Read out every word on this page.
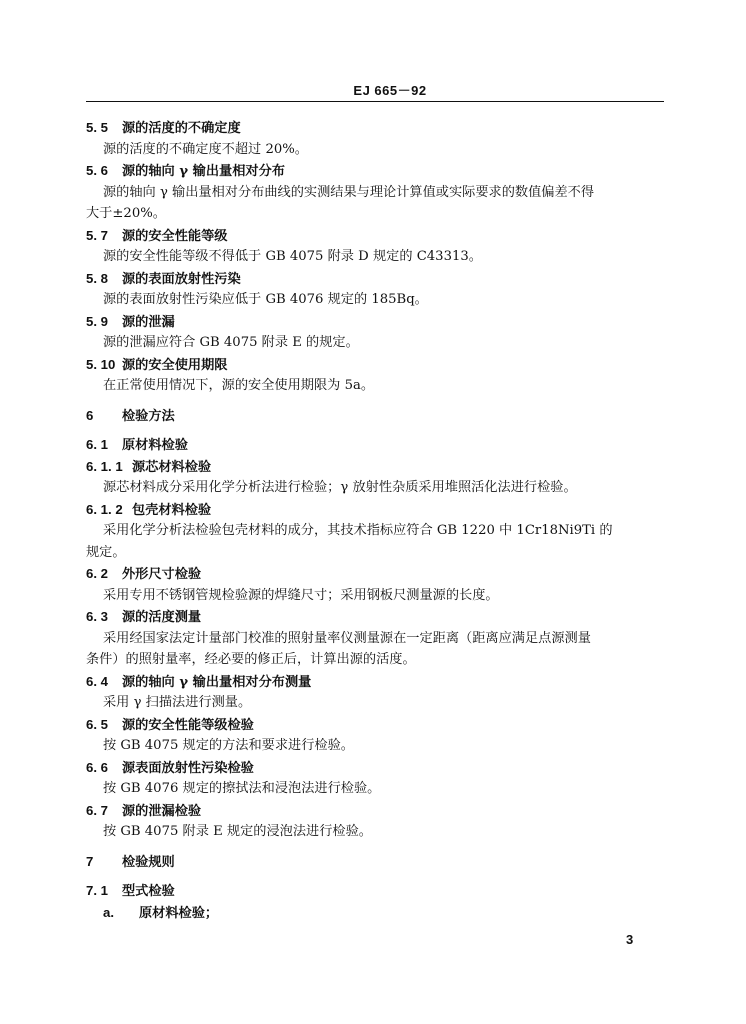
EJ 665－92
5. 5 源的活度的不确定度
源的活度的不确定度不超过 20%。
5. 6 源的轴向 γ 输出量相对分布
源的轴向 γ 输出量相对分布曲线的实测结果与理论计算值或实际要求的数值偏差不得
大于±20%。
5. 7 源的安全性能等级
源的安全性能等级不得低于 GB 4075 附录 D 规定的 C43313。
5. 8 源的表面放射性污染
源的表面放射性污染应低于 GB 4076 规定的 185Bq。
5. 9 源的泄漏
源的泄漏应符合 GB 4075 附录 E 的规定。
5. 10 源的安全使用期限
在正常使用情况下，源的安全使用期限为 5a。
6 检验方法
6. 1 原材料检验
6. 1. 1 源芯材料检验
源芯材料成分采用化学分析法进行检验；γ 放射性杂质采用堆照活化法进行检验。
6. 1. 2 包壳材料检验
采用化学分析法检验包壳材料的成分，其技术指标应符合 GB 1220 中 1Cr18Ni9Ti 的
规定。
6. 2 外形尺寸检验
采用专用不锈钢管规检验源的焊缝尺寸；采用钢板尺测量源的长度。
6. 3 源的活度测量
采用经国家法定计量部门校准的照射量率仪测量源在一定距离（距离应满足点源测量
条件）的照射量率，经必要的修正后，计算出源的活度。
6. 4 源的轴向 γ 输出量相对分布测量
采用 γ 扫描法进行测量。
6. 5 源的安全性能等级检验
按 GB 4075 规定的方法和要求进行检验。
6. 6 源表面放射性污染检验
按 GB 4076 规定的擦拭法和浸泡法进行检验。
6. 7 源的泄漏检验
按 GB 4075 附录 E 规定的浸泡法进行检验。
7 检验规则
7. 1 型式检验
a. 原材料检验；
3
